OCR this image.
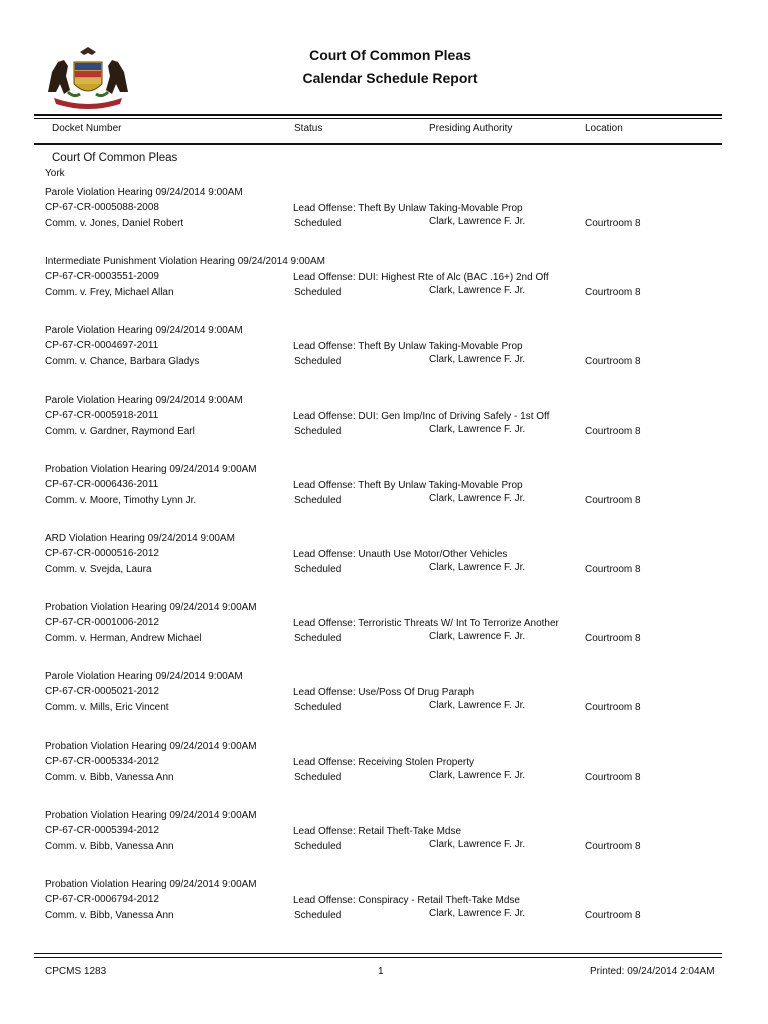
Court Of Common Pleas
Calendar Schedule Report
Docket Number	Status	Presiding Authority	Location
Court Of Common Pleas
York
Parole Violation Hearing 09/24/2014 9:00AM
CP-67-CR-0005088-2008
Comm. v. Jones, Daniel Robert
Lead Offense: Theft By Unlaw Taking-Movable Prop
Scheduled	Clark, Lawrence F. Jr.	Courtroom 8
Intermediate Punishment Violation Hearing 09/24/2014 9:00AM
CP-67-CR-0003551-2009
Comm. v. Frey, Michael Allan
Lead Offense: DUI: Highest Rte of Alc (BAC .16+) 2nd Off
Scheduled	Clark, Lawrence F. Jr.	Courtroom 8
Parole Violation Hearing 09/24/2014 9:00AM
CP-67-CR-0004697-2011
Comm. v. Chance, Barbara Gladys
Lead Offense: Theft By Unlaw Taking-Movable Prop
Scheduled	Clark, Lawrence F. Jr.	Courtroom 8
Parole Violation Hearing 09/24/2014 9:00AM
CP-67-CR-0005918-2011
Comm. v. Gardner, Raymond Earl
Lead Offense: DUI: Gen Imp/Inc of Driving Safely - 1st Off
Scheduled	Clark, Lawrence F. Jr.	Courtroom 8
Probation Violation Hearing 09/24/2014 9:00AM
CP-67-CR-0006436-2011
Comm. v. Moore, Timothy Lynn Jr.
Lead Offense: Theft By Unlaw Taking-Movable Prop
Scheduled	Clark, Lawrence F. Jr.	Courtroom 8
ARD Violation Hearing 09/24/2014 9:00AM
CP-67-CR-0000516-2012
Comm. v. Svejda, Laura
Lead Offense: Unauth Use Motor/Other Vehicles
Scheduled	Clark, Lawrence F. Jr.	Courtroom 8
Probation Violation Hearing 09/24/2014 9:00AM
CP-67-CR-0001006-2012
Comm. v. Herman, Andrew Michael
Lead Offense: Terroristic Threats W/ Int To Terrorize Another
Scheduled	Clark, Lawrence F. Jr.	Courtroom 8
Parole Violation Hearing 09/24/2014 9:00AM
CP-67-CR-0005021-2012
Comm. v. Mills, Eric Vincent
Lead Offense: Use/Poss Of Drug Paraph
Scheduled	Clark, Lawrence F. Jr.	Courtroom 8
Probation Violation Hearing 09/24/2014 9:00AM
CP-67-CR-0005334-2012
Comm. v. Bibb, Vanessa Ann
Lead Offense: Receiving Stolen Property
Scheduled	Clark, Lawrence F. Jr.	Courtroom 8
Probation Violation Hearing 09/24/2014 9:00AM
CP-67-CR-0005394-2012
Comm. v. Bibb, Vanessa Ann
Lead Offense: Retail Theft-Take Mdse
Scheduled	Clark, Lawrence F. Jr.	Courtroom 8
Probation Violation Hearing 09/24/2014 9:00AM
CP-67-CR-0006794-2012
Comm. v. Bibb, Vanessa Ann
Lead Offense: Conspiracy - Retail Theft-Take Mdse
Scheduled	Clark, Lawrence F. Jr.	Courtroom 8
CPCMS 1283	1	Printed: 09/24/2014 2:04AM
